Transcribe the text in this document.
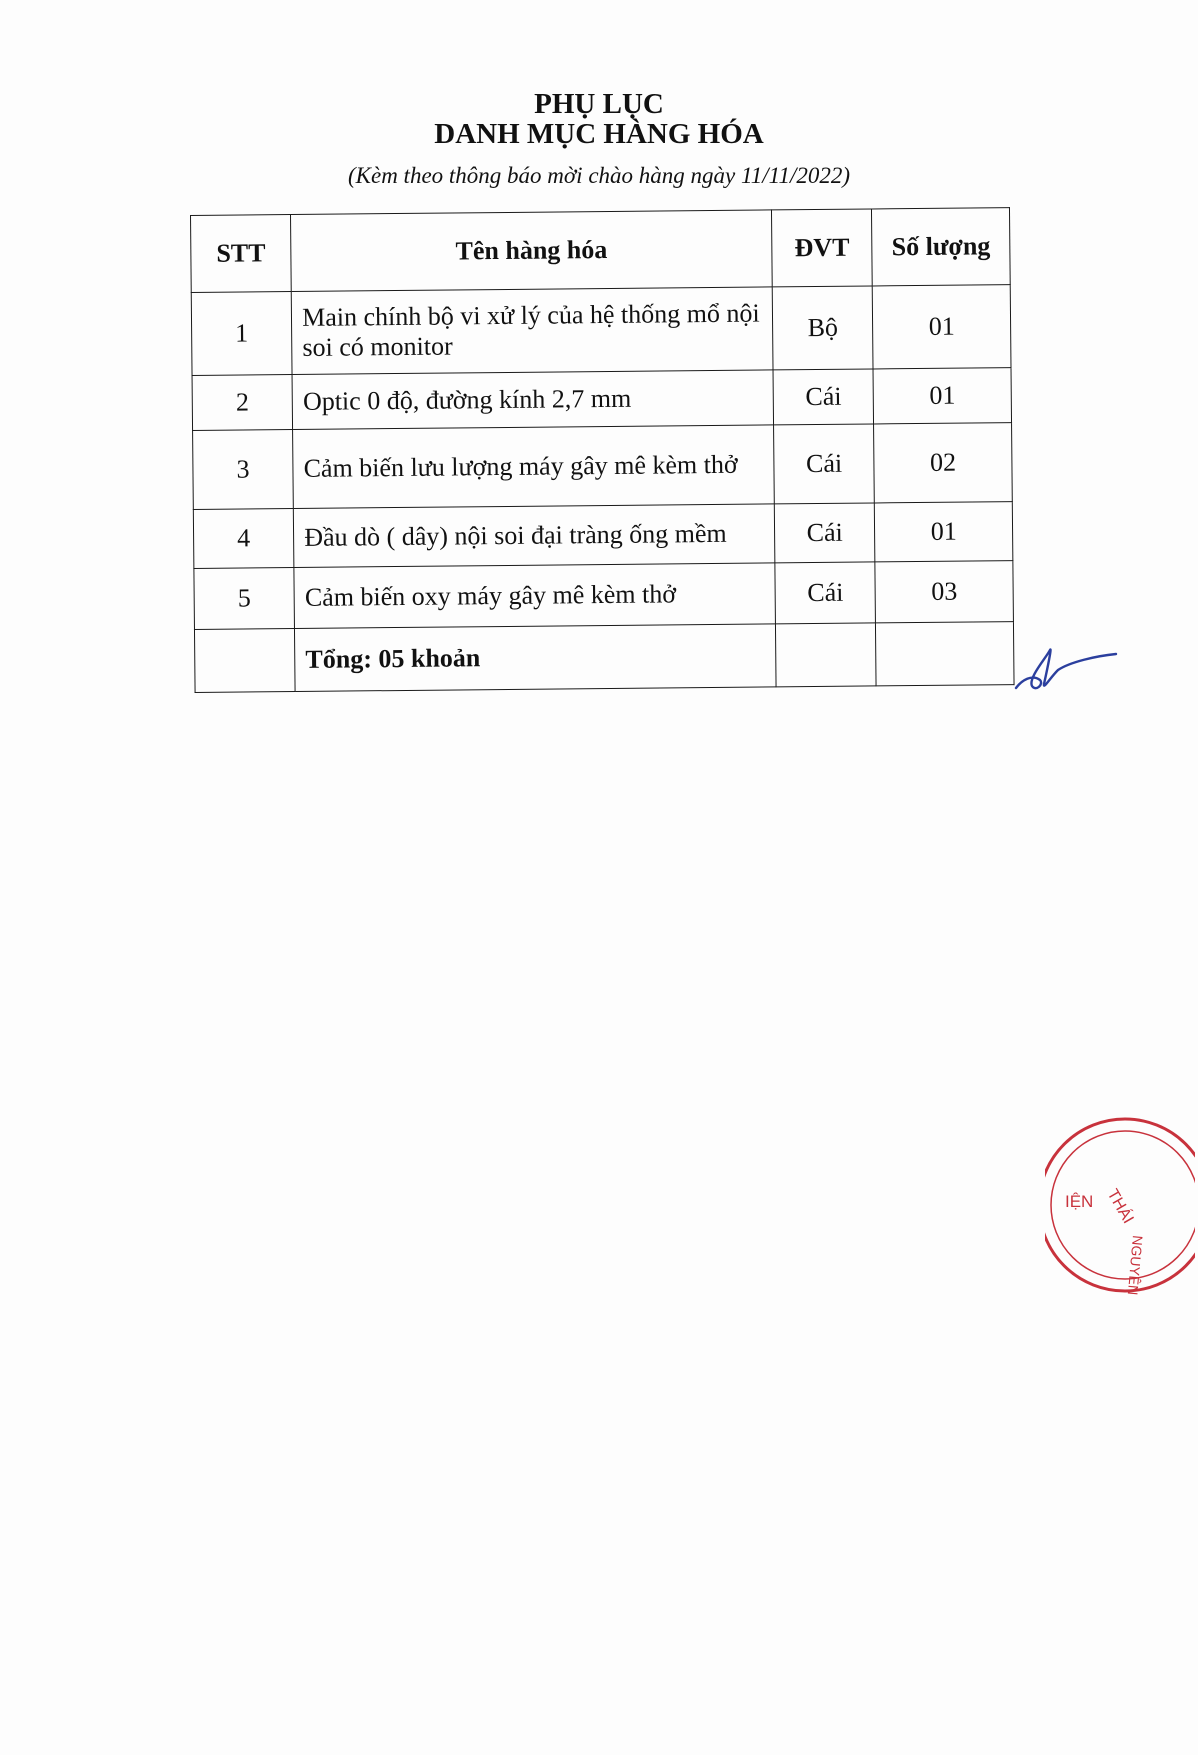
PHỤ LỤC
DANH MỤC HÀNG HÓA
(Kèm theo thông báo mời chào hàng ngày 11/11/2022)
STT	Tên hàng hóa	ĐVT	Số lượng
1	Main chính bộ vi xử lý của hệ thống mổ nội soi có monitor	Bộ	01
2	Optic 0 độ, đường kính 2,7 mm	Cái	01
3	Cảm biến lưu lượng máy gây mê kèm thở	Cái	02
4	Đầu dò ( dây) nội soi đại tràng ống mềm	Cái	01
5	Cảm biến oxy máy gây mê kèm thở	Cái	03
	Tổng: 05 khoản		
THÁI
IỆN
NGUYÊN
